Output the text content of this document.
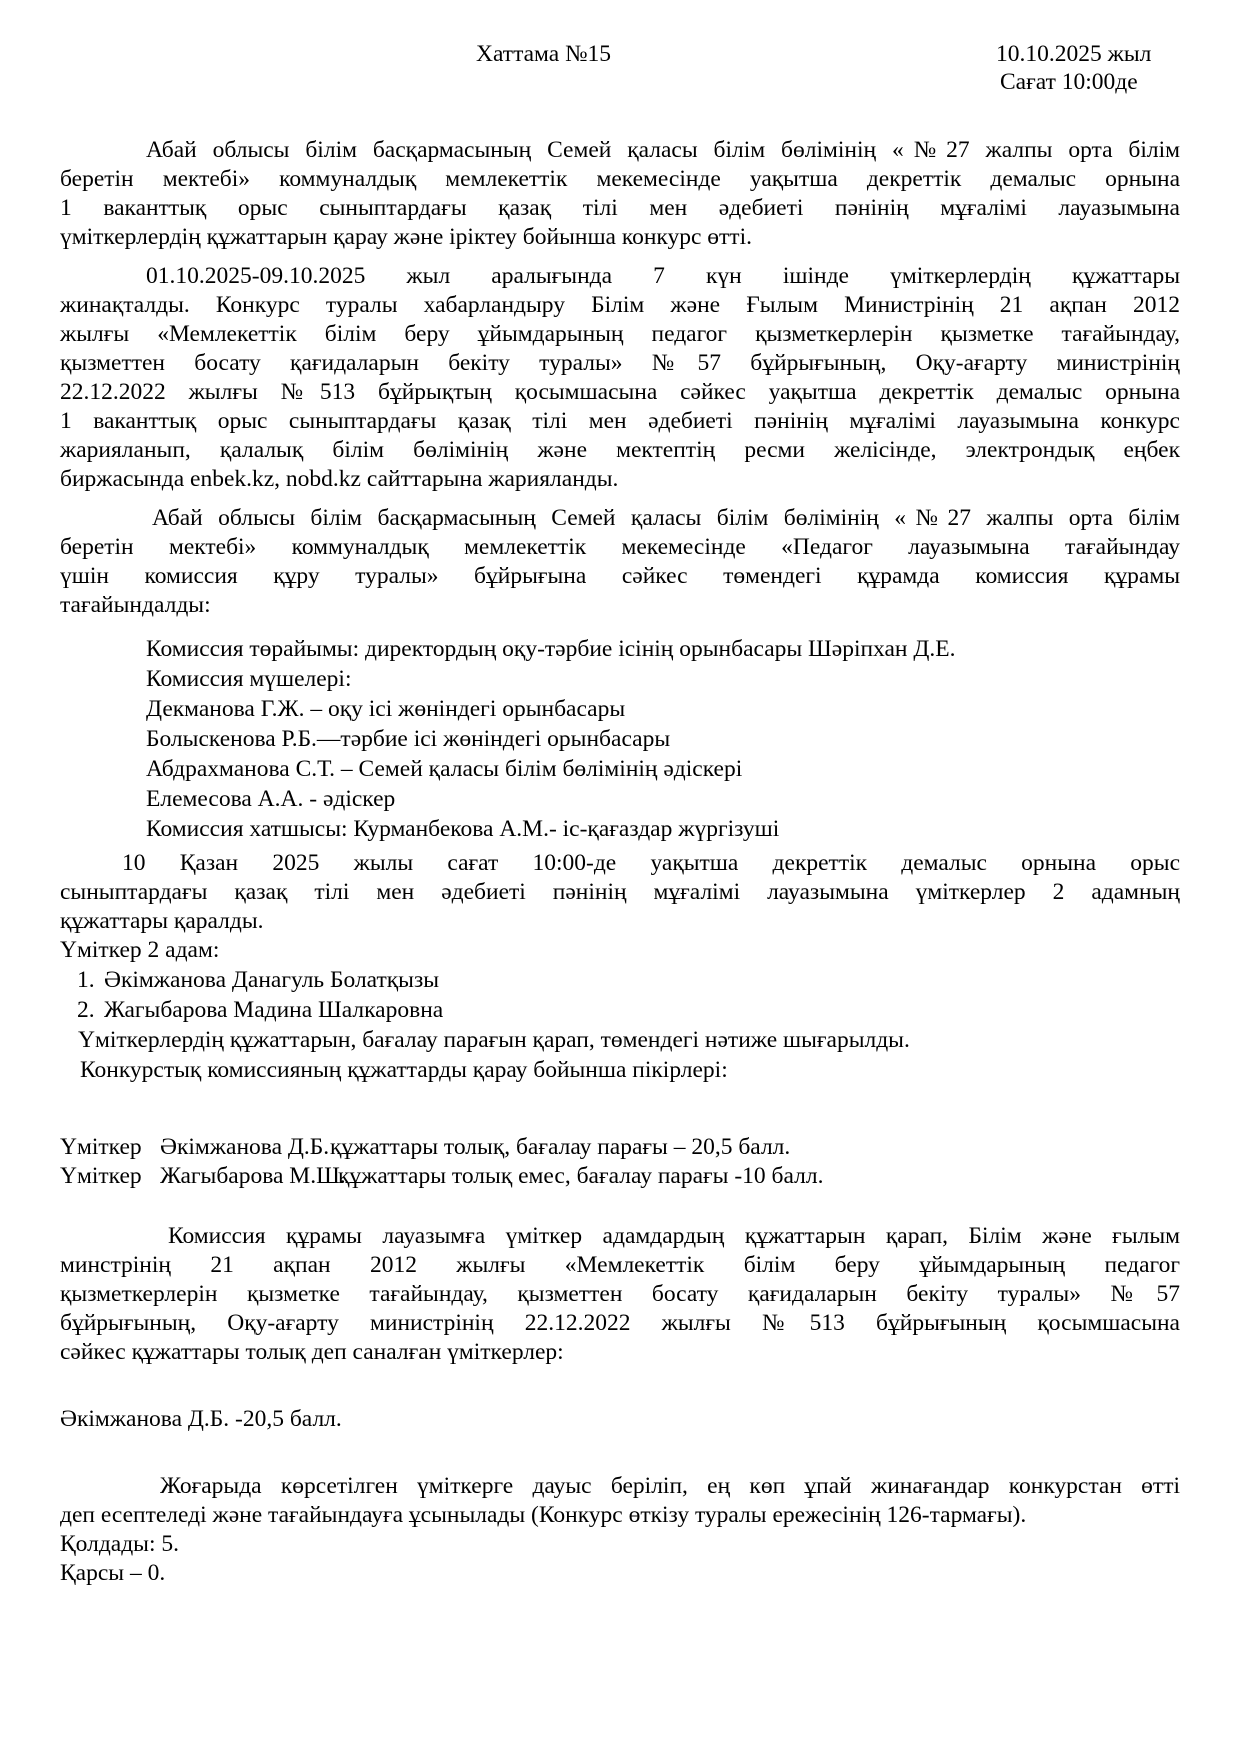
Хаттама №15	10.10.2025 жыл
Сағат 10:00де
Абай облысы білім басқармасының Семей қаласы білім бөлімінің «№27 жалпы орта білім
беретін мектебі» коммуналдық мемлекеттік мекемесінде уақытша декреттік демалыс орнына
1 ваканттық орыс сыныптардағы қазақ тілі мен әдебиеті пәнінің мұғалімі лауазымына
үміткерлердің құжаттарын қарау және іріктеу бойынша конкурс өтті.
01.10.2025-09.10.2025 жыл аралығында 7 күн ішінде үміткерлердің құжаттары
жинақталды. Конкурс туралы хабарландыру Білім және Ғылым Министрінің 21 ақпан 2012
жылғы «Мемлекеттік білім беру ұйымдарының педагог қызметкерлерін қызметке тағайындау,
қызметтен босату қағидаларын бекіту туралы» №57 бұйрығының, Оқу-ағарту министрінің
22.12.2022 жылғы №513 бұйрықтың қосымшасына сәйкес уақытша декреттік демалыс орнына
1 ваканттық орыс сыныптардағы қазақ тілі мен әдебиеті пәнінің мұғалімі лауазымына конкурс
жарияланып, қалалық білім бөлімінің және мектептің ресми желісінде, электрондық еңбек
биржасында enbek.kz, nobd.kz сайттарына жарияланды.
Абай облысы білім басқармасының Семей қаласы білім бөлімінің «№27 жалпы орта білім
беретін мектебі» коммуналдық мемлекеттік мекемесінде «Педагог лауазымына тағайындау
үшін комиссия құру туралы» бұйрығына сәйкес төмендегі құрамда комиссия құрамы
тағайындалды:
Комиссия төрайымы: директордың оқу-тәрбие ісінің орынбасары Шәріпхан Д.Е.
Комиссия мүшелері:
Декманова Г.Ж. – оқу ісі жөніндегі орынбасары
Болыскенова Р.Б.—тәрбие ісі жөніндегі орынбасары
Абдрахманова С.Т. – Семей қаласы білім бөлімінің әдіскері
Елемесова А.А. - әдіскер
Комиссия хатшысы: Курманбекова А.М.- іс-қағаздар жүргізуші
10 Қазан 2025 жылы сағат 10:00-де уақытша декреттік демалыс орнына орыс
сыныптардағы қазақ тілі мен әдебиеті пәнінің мұғалімі лауазымына үміткерлер 2 адамның
құжаттары қаралды.
Үміткер 2 адам:
1. Әкімжанова Данагуль Болатқызы
2. Жагыбарова Мадина Шалкаровна
Үміткерлердің құжаттарын, бағалау парағын қарап, төмендегі нәтиже шығарылды.
Конкурстық комиссияның құжаттарды қарау бойынша пікірлері:
Үміткер Әкімжанова Д.Б. құжаттары толық, бағалау парағы – 20,5 балл.
Үміткер Жагыбарова М.Ш.
құжаттары толық емес, бағалау парағы -10 балл.
Комиссия құрамы лауазымға үміткер адамдардың құжаттарын қарап, Білім және ғылым
минстрінің 21 ақпан 2012 жылғы «Мемлекеттік білім беру ұйымдарының педагог
қызметкерлерін қызметке тағайындау, қызметтен босату қағидаларын бекіту туралы» №57
бұйрығының, Оқу-ағарту министрінің 22.12.2022 жылғы №513 бұйрығының қосымшасына
сәйкес құжаттары толық деп саналған үміткерлер:
Әкімжанова Д.Б. -20,5 балл.
Жоғарыда көрсетілген үміткерге дауыс беріліп, ең көп ұпай жинағандар конкурстан өтті
деп есептеледі және тағайындауға ұсынылады (Конкурс өткізу туралы ережесінің 126-тармағы).
Қолдады: 5.
Қарсы – 0.
